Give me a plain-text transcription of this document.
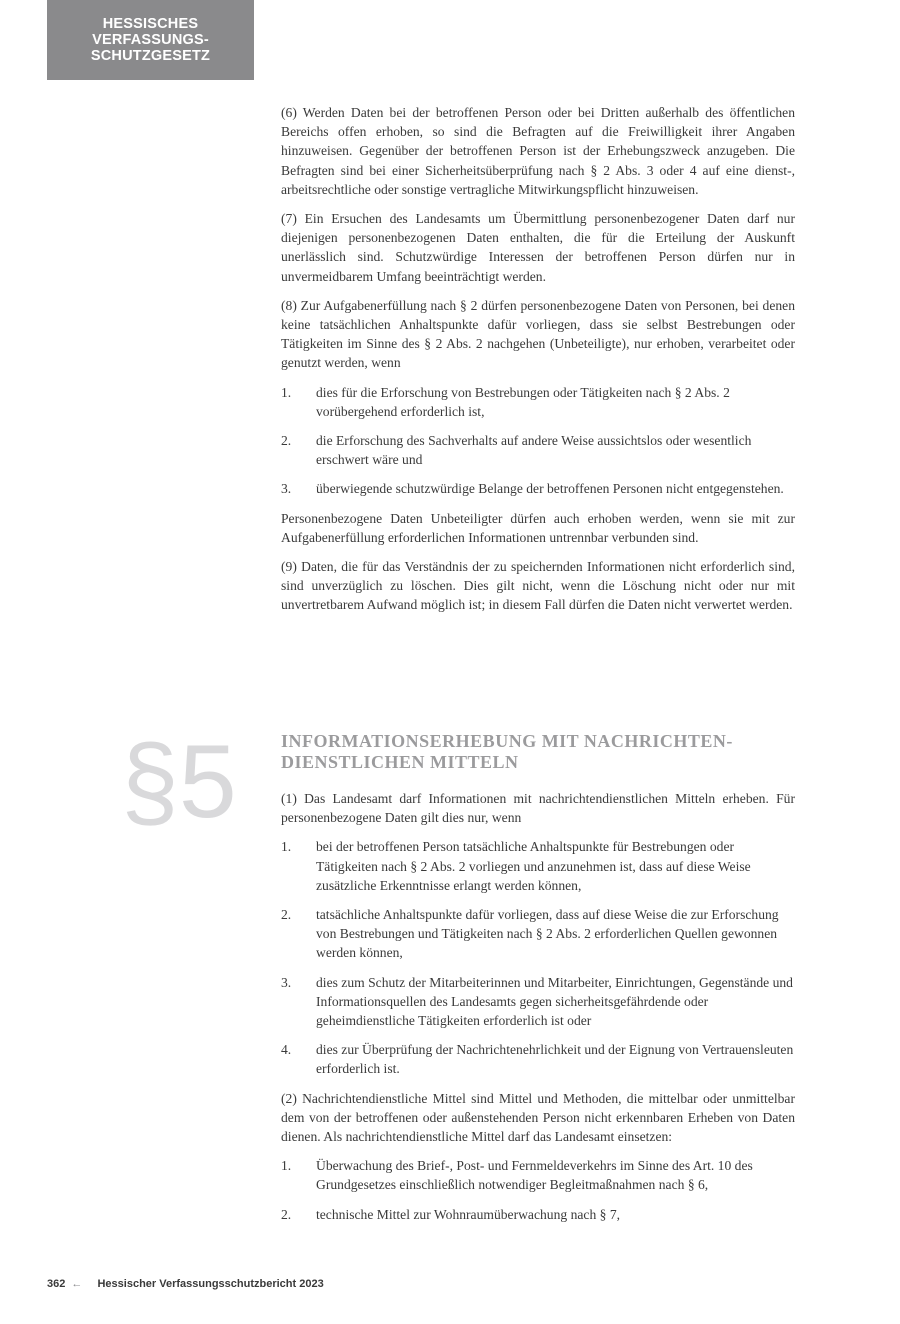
HESSISCHES
VERFASSUNGS-
SCHUTZGESETZ

(6) Werden Daten bei der betroffenen Person oder bei Dritten außerhalb des öffentlichen Bereichs offen erhoben, so sind die Befragten auf die Freiwilligkeit ihrer Angaben hinzuweisen. Gegenüber der betroffenen Person ist der Erhebungszweck anzugeben. Die Befragten sind bei einer Sicherheitsüberprüfung nach § 2 Abs. 3 oder 4 auf eine dienst-, arbeitsrechtliche oder sonstige vertragliche Mitwirkungspflicht hinzuweisen.

(7) Ein Ersuchen des Landesamts um Übermittlung personenbezogener Daten darf nur diejenigen personenbezogenen Daten enthalten, die für die Erteilung der Auskunft unerlässlich sind. Schutzwürdige Interessen der betroffenen Person dürfen nur in unvermeidbarem Umfang beeinträchtigt werden.

(8) Zur Aufgabenerfüllung nach § 2 dürfen personenbezogene Daten von Personen, bei denen keine tatsächlichen Anhaltspunkte dafür vorliegen, dass sie selbst Bestrebungen oder Tätigkeiten im Sinne des § 2 Abs. 2 nachgehen (Unbeteiligte), nur erhoben, verarbeitet oder genutzt werden, wenn

1. dies für die Erforschung von Bestrebungen oder Tätigkeiten nach § 2 Abs. 2 vorübergehend erforderlich ist,
2. die Erforschung des Sachverhalts auf andere Weise aussichtslos oder wesentlich erschwert wäre und
3. überwiegende schutzwürdige Belange der betroffenen Personen nicht entgegenstehen.

Personenbezogene Daten Unbeteiligter dürfen auch erhoben werden, wenn sie mit zur Aufgabenerfüllung erforderlichen Informationen untrennbar verbunden sind.

(9) Daten, die für das Verständnis der zu speichernden Informationen nicht erforderlich sind, sind unverzüglich zu löschen. Dies gilt nicht, wenn die Löschung nicht oder nur mit unvertretbarem Aufwand möglich ist; in diesem Fall dürfen die Daten nicht verwertet werden.

§5 INFORMATIONSERHEBUNG MIT NACHRICHTEN-
DIENSTLICHEN MITTELN

(1) Das Landesamt darf Informationen mit nachrichtendienstlichen Mitteln erheben. Für personenbezogene Daten gilt dies nur, wenn

1. bei der betroffenen Person tatsächliche Anhaltspunkte für Bestrebungen oder Tätigkeiten nach § 2 Abs. 2 vorliegen und anzunehmen ist, dass auf diese Weise zusätzliche Erkenntnisse erlangt werden können,
2. tatsächliche Anhaltspunkte dafür vorliegen, dass auf diese Weise die zur Erforschung von Bestrebungen und Tätigkeiten nach § 2 Abs. 2 erforderlichen Quellen gewonnen werden können,
3. dies zum Schutz der Mitarbeiterinnen und Mitarbeiter, Einrichtungen, Gegenstände und Informationsquellen des Landesamts gegen sicherheitsgefährdende oder geheimdienstliche Tätigkeiten erforderlich ist oder
4. dies zur Überprüfung der Nachrichtenehrlichkeit und der Eignung von Vertrauensleuten erforderlich ist.

(2) Nachrichtendienstliche Mittel sind Mittel und Methoden, die mittelbar oder unmittelbar dem von der betroffenen oder außenstehenden Person nicht erkennbaren Erheben von Daten dienen. Als nachrichtendienstliche Mittel darf das Landesamt einsetzen:

1. Überwachung des Brief-, Post- und Fernmeldeverkehrs im Sinne des Art. 10 des Grundgesetzes einschließlich notwendiger Begleitmaßnahmen nach § 6,
2. technische Mittel zur Wohnraumüberwachung nach § 7,
362 ← Hessischer Verfassungsschutzbericht 2023
